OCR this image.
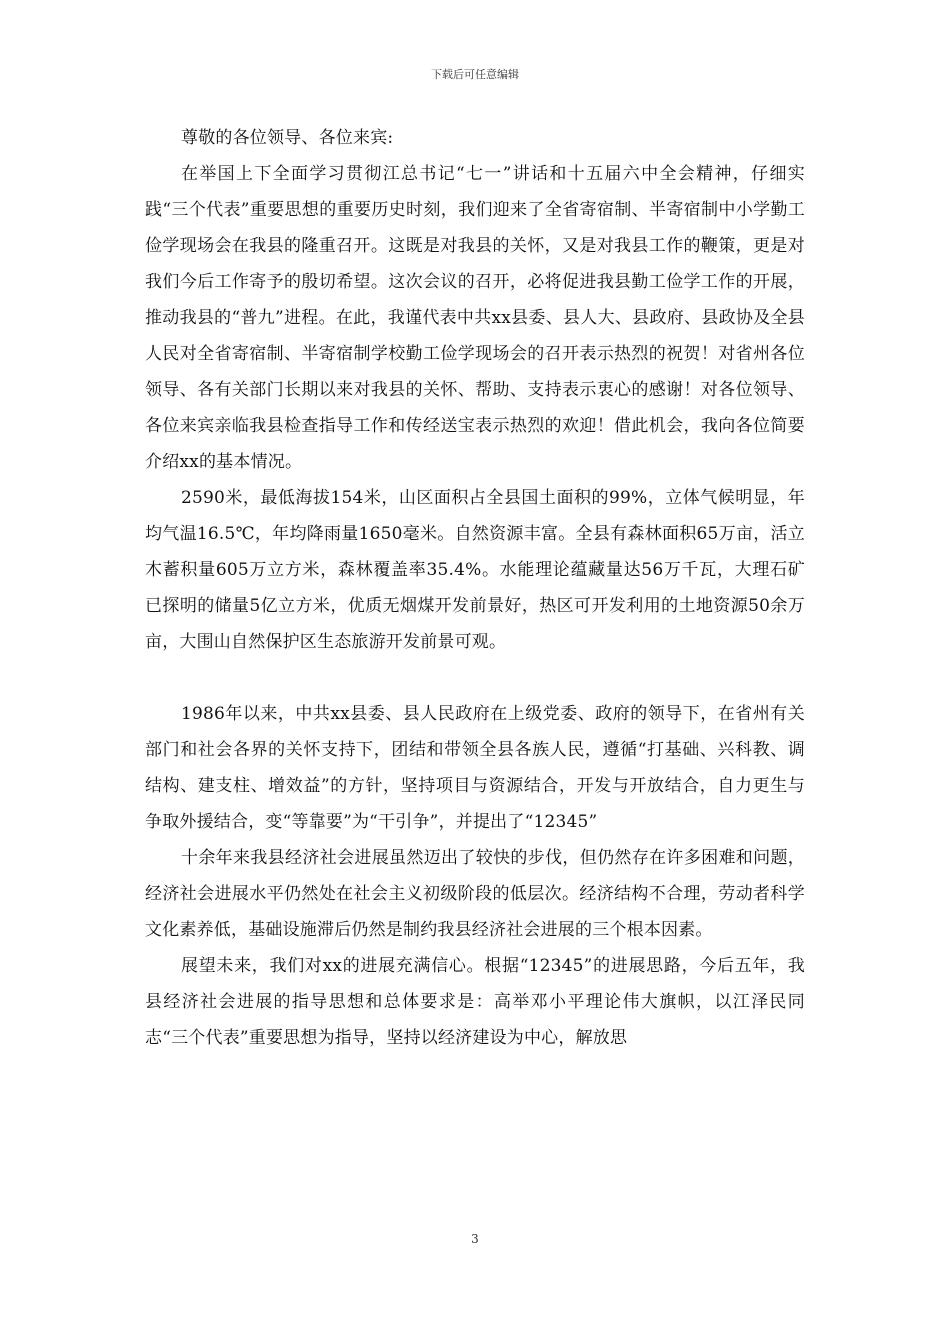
下载后可任意编辑

尊敬的各位领导、各位来宾:

在举国上下全面学习贯彻江总书记“七一”讲话和十五届六中全会精神，仔细实践“三个代表”重要思想的重要历史时刻，我们迎来了全省寄宿制、半寄宿制中小学勤工俭学现场会在我县的隆重召开。这既是对我县的关怀，又是对我县工作的鞭策，更是对我们今后工作寄予的殷切希望。这次会议的召开，必将促进我县勤工俭学工作的开展，推动我县的“普九”进程。在此，我谨代表中共xx县委、县人大、县政府、县政协及全县人民对全省寄宿制、半寄宿制学校勤工俭学现场会的召开表示热烈的祝贺！对省州各位领导、各有关部门长期以来对我县的关怀、帮助、支持表示衷心的感谢！对各位领导、各位来宾亲临我县检查指导工作和传经送宝表示热烈的欢迎！借此机会，我向各位简要介绍xx的基本情况。

2590米，最低海拔154米，山区面积占全县国土面积的99%，立体气候明显，年均气温16.5℃，年均降雨量1650毫米。自然资源丰富。全县有森林面积65万亩，活立木蓄积量605万立方米，森林覆盖率35.4%。水能理论蕴藏量达56万千瓦，大理石矿已探明的储量5亿立方米，优质无烟煤开发前景好，热区可开发利用的土地资源50余万亩，大围山自然保护区生态旅游开发前景可观。

1986年以来，中共xx县委、县人民政府在上级党委、政府的领导下，在省州有关部门和社会各界的关怀支持下，团结和带领全县各族人民，遵循“打基础、兴科教、调结构、建支柱、增效益”的方针，坚持项目与资源结合，开发与开放结合，自力更生与争取外援结合，变“等靠要”为“干引争”，并提出了“12345”

十余年来我县经济社会进展虽然迈出了较快的步伐，但仍然存在许多困难和问题，经济社会进展水平仍然处在社会主义初级阶段的低层次。经济结构不合理，劳动者科学文化素养低，基础设施滞后仍然是制约我县经济社会进展的三个根本因素。

展望未来，我们对xx的进展充满信心。根据“12345”的进展思路，今后五年，我县经济社会进展的指导思想和总体要求是：高举邓小平理论伟大旗帜，以江泽民同志“三个代表”重要思想为指导，坚持以经济建设为中心，解放思

3
